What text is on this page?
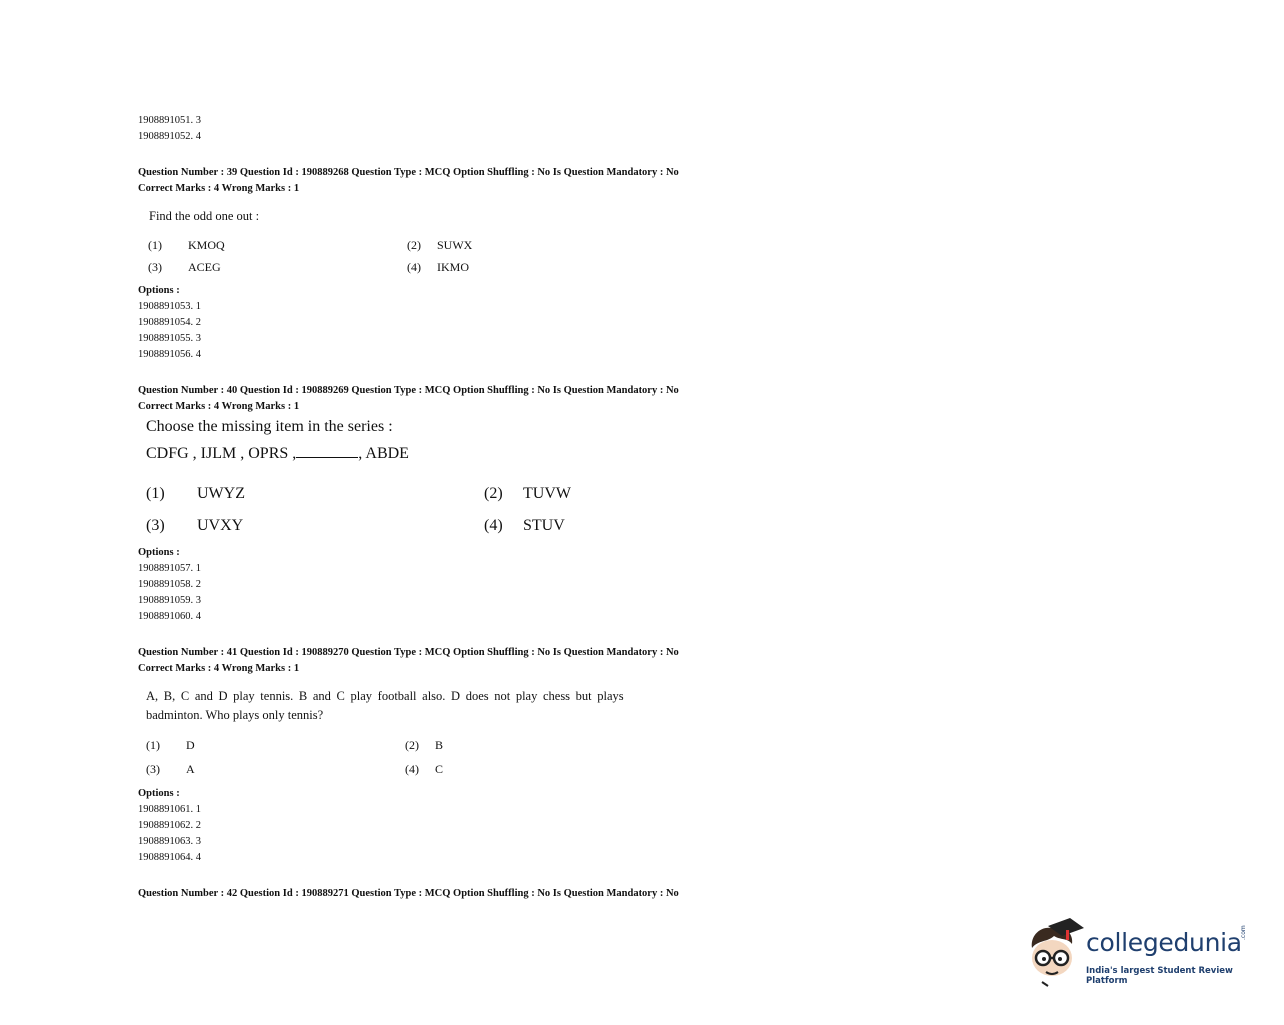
1908891051. 3
1908891052. 4
Question Number : 39 Question Id : 190889268 Question Type : MCQ Option Shuffling : No Is Question Mandatory : No
Correct Marks : 4 Wrong Marks : 1
Find the odd one out :
(1) KMOQ	(2) SUWX
(3) ACEG	(4) IKMO
Options :
1908891053. 1
1908891054. 2
1908891055. 3
1908891056. 4
Question Number : 40 Question Id : 190889269 Question Type : MCQ Option Shuffling : No Is Question Mandatory : No
Correct Marks : 4 Wrong Marks : 1
Choose the missing item in the series :
CDFG , IJLM , OPRS ,	, ABDE
(1) UWYZ	(2) TUVW
(3) UVXY	(4) STUV
Options :
1908891057. 1
1908891058. 2
1908891059. 3
1908891060. 4
Question Number : 41 Question Id : 190889270 Question Type : MCQ Option Shuffling : No Is Question Mandatory : No
Correct Marks : 4 Wrong Marks : 1
A, B, C and D play tennis. B and C play football also. D does not play chess but plays
badminton. Who plays only tennis?
(1) D	(2) B
(3) A	(4) C
Options :
1908891061. 1
1908891062. 2
1908891063. 3
1908891064. 4
Question Number : 42 Question Id : 190889271 Question Type : MCQ Option Shuffling : No Is Question Mandatory : No
collegedunia
.com
India's largest Student Review Platform
